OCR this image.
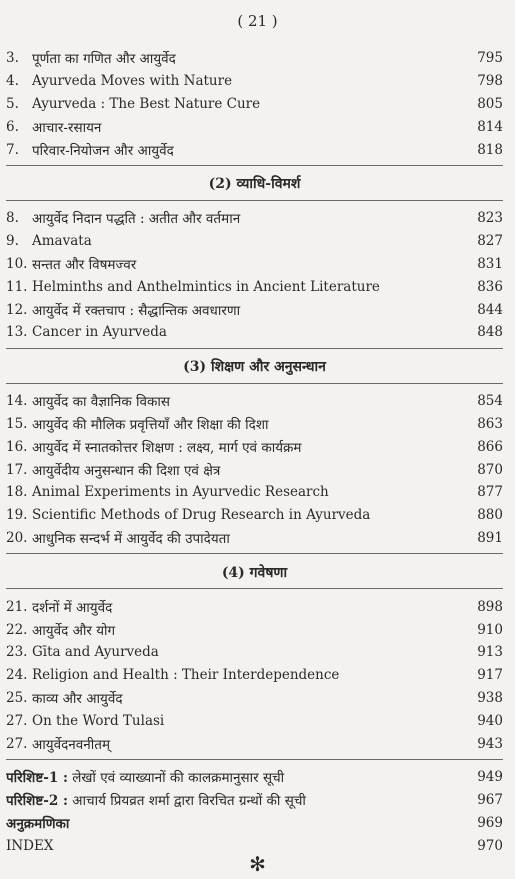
( 21 )
3. पूर्णता का गणित और आयुर्वेद	795
4. Ayurveda Moves with Nature	798
5. Ayurveda : The Best Nature Cure	805
6. आचार-रसायन	814
7. परिवार-नियोजन और आयुर्वेद	818
(2) व्याधि-विमर्श
8. आयुर्वेद निदान पद्धति : अतीत और वर्तमान	823
9. Amavata	827
10. सन्तत और विषमज्वर	831
11. Helminths and Anthelmintics in Ancient Literature	836
12. आयुर्वेद में रक्तचाप : सैद्धान्तिक अवधारणा	844
13. Cancer in Ayurveda	848
(3) शिक्षण और अनुसन्धान
14. आयुर्वेद का वैज्ञानिक विकास	854
15. आयुर्वेद की मौलिक प्रवृत्तियाँ और शिक्षा की दिशा	863
16. आयुर्वेद में स्नातकोत्तर शिक्षण : लक्ष्य, मार्ग एवं कार्यक्रम	866
17. आयुर्वेदीय अनुसन्धान की दिशा एवं क्षेत्र	870
18. Animal Experiments in Ayurvedic Research	877
19. Scientific Methods of Drug Research in Ayurveda	880
20. आधुनिक सन्दर्भ में आयुर्वेद की उपादेयता	891
(4) गवेषणा
21. दर्शनों में आयुर्वेद	898
22. आयुर्वेद और योग	910
23. Gīta and Ayurveda	913
24. Religion and Health : Their Interdependence	917
25. काव्य और आयुर्वेद	938
27. On the Word Tulasi	940
27. आयुर्वेदनवनीतम्	943
परिशिष्ट-1 : लेखों एवं व्याख्यानों की कालक्रमानुसार सूची	949
परिशिष्ट-2 : आचार्य प्रियव्रत शर्मा द्वारा विरचित ग्रन्थों की सूची	967
अनुक्रमणिका	969
INDEX	970
✻
